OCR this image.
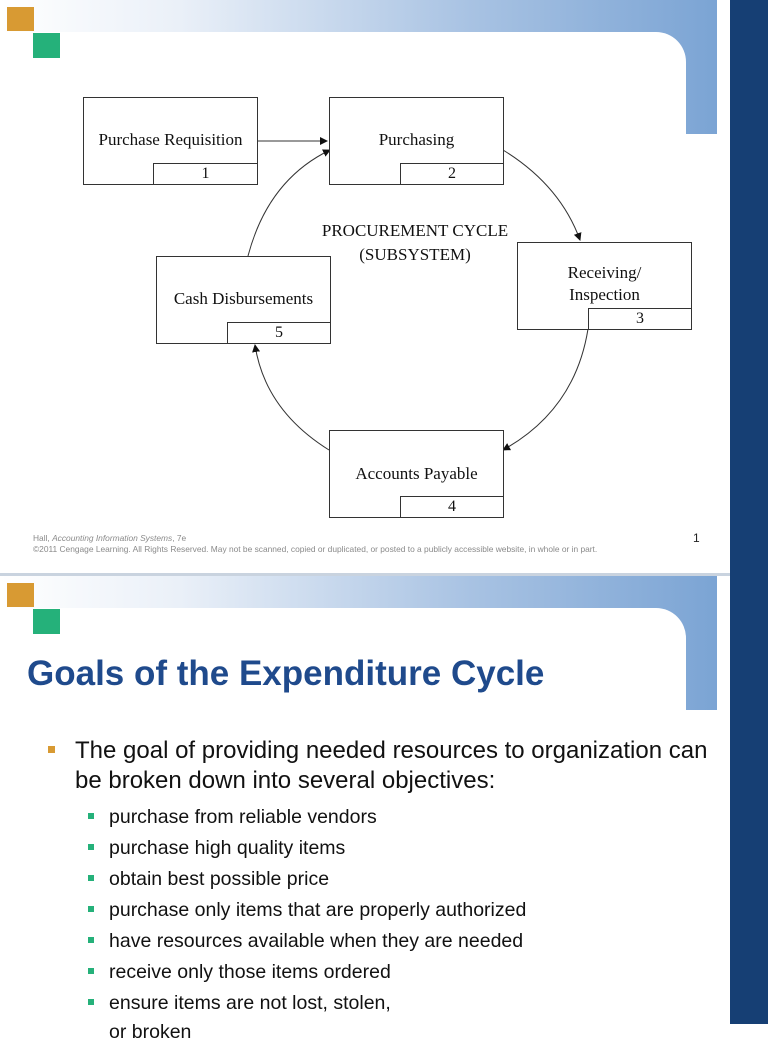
Purchase Requisition
1
Purchasing
2
Receiving/ Inspection
3
Accounts Payable
4
Cash Disbursements
5
PROCUREMENT CYCLE
(SUBSYSTEM)
Hall, Accounting Information Systems, 7e
©2011 Cengage Learning. All Rights Reserved. May not be scanned, copied or duplicated, or posted to a publicly accessible website, in whole or in part.
1
Goals of the Expenditure Cycle
The goal of providing needed resources to organization can be broken down into several objectives:
purchase from reliable vendors
purchase high quality items
obtain best possible price
purchase only items that are properly authorized
have resources available when they are needed
receive only those items ordered
ensure items are not lost, stolen,
or broken
